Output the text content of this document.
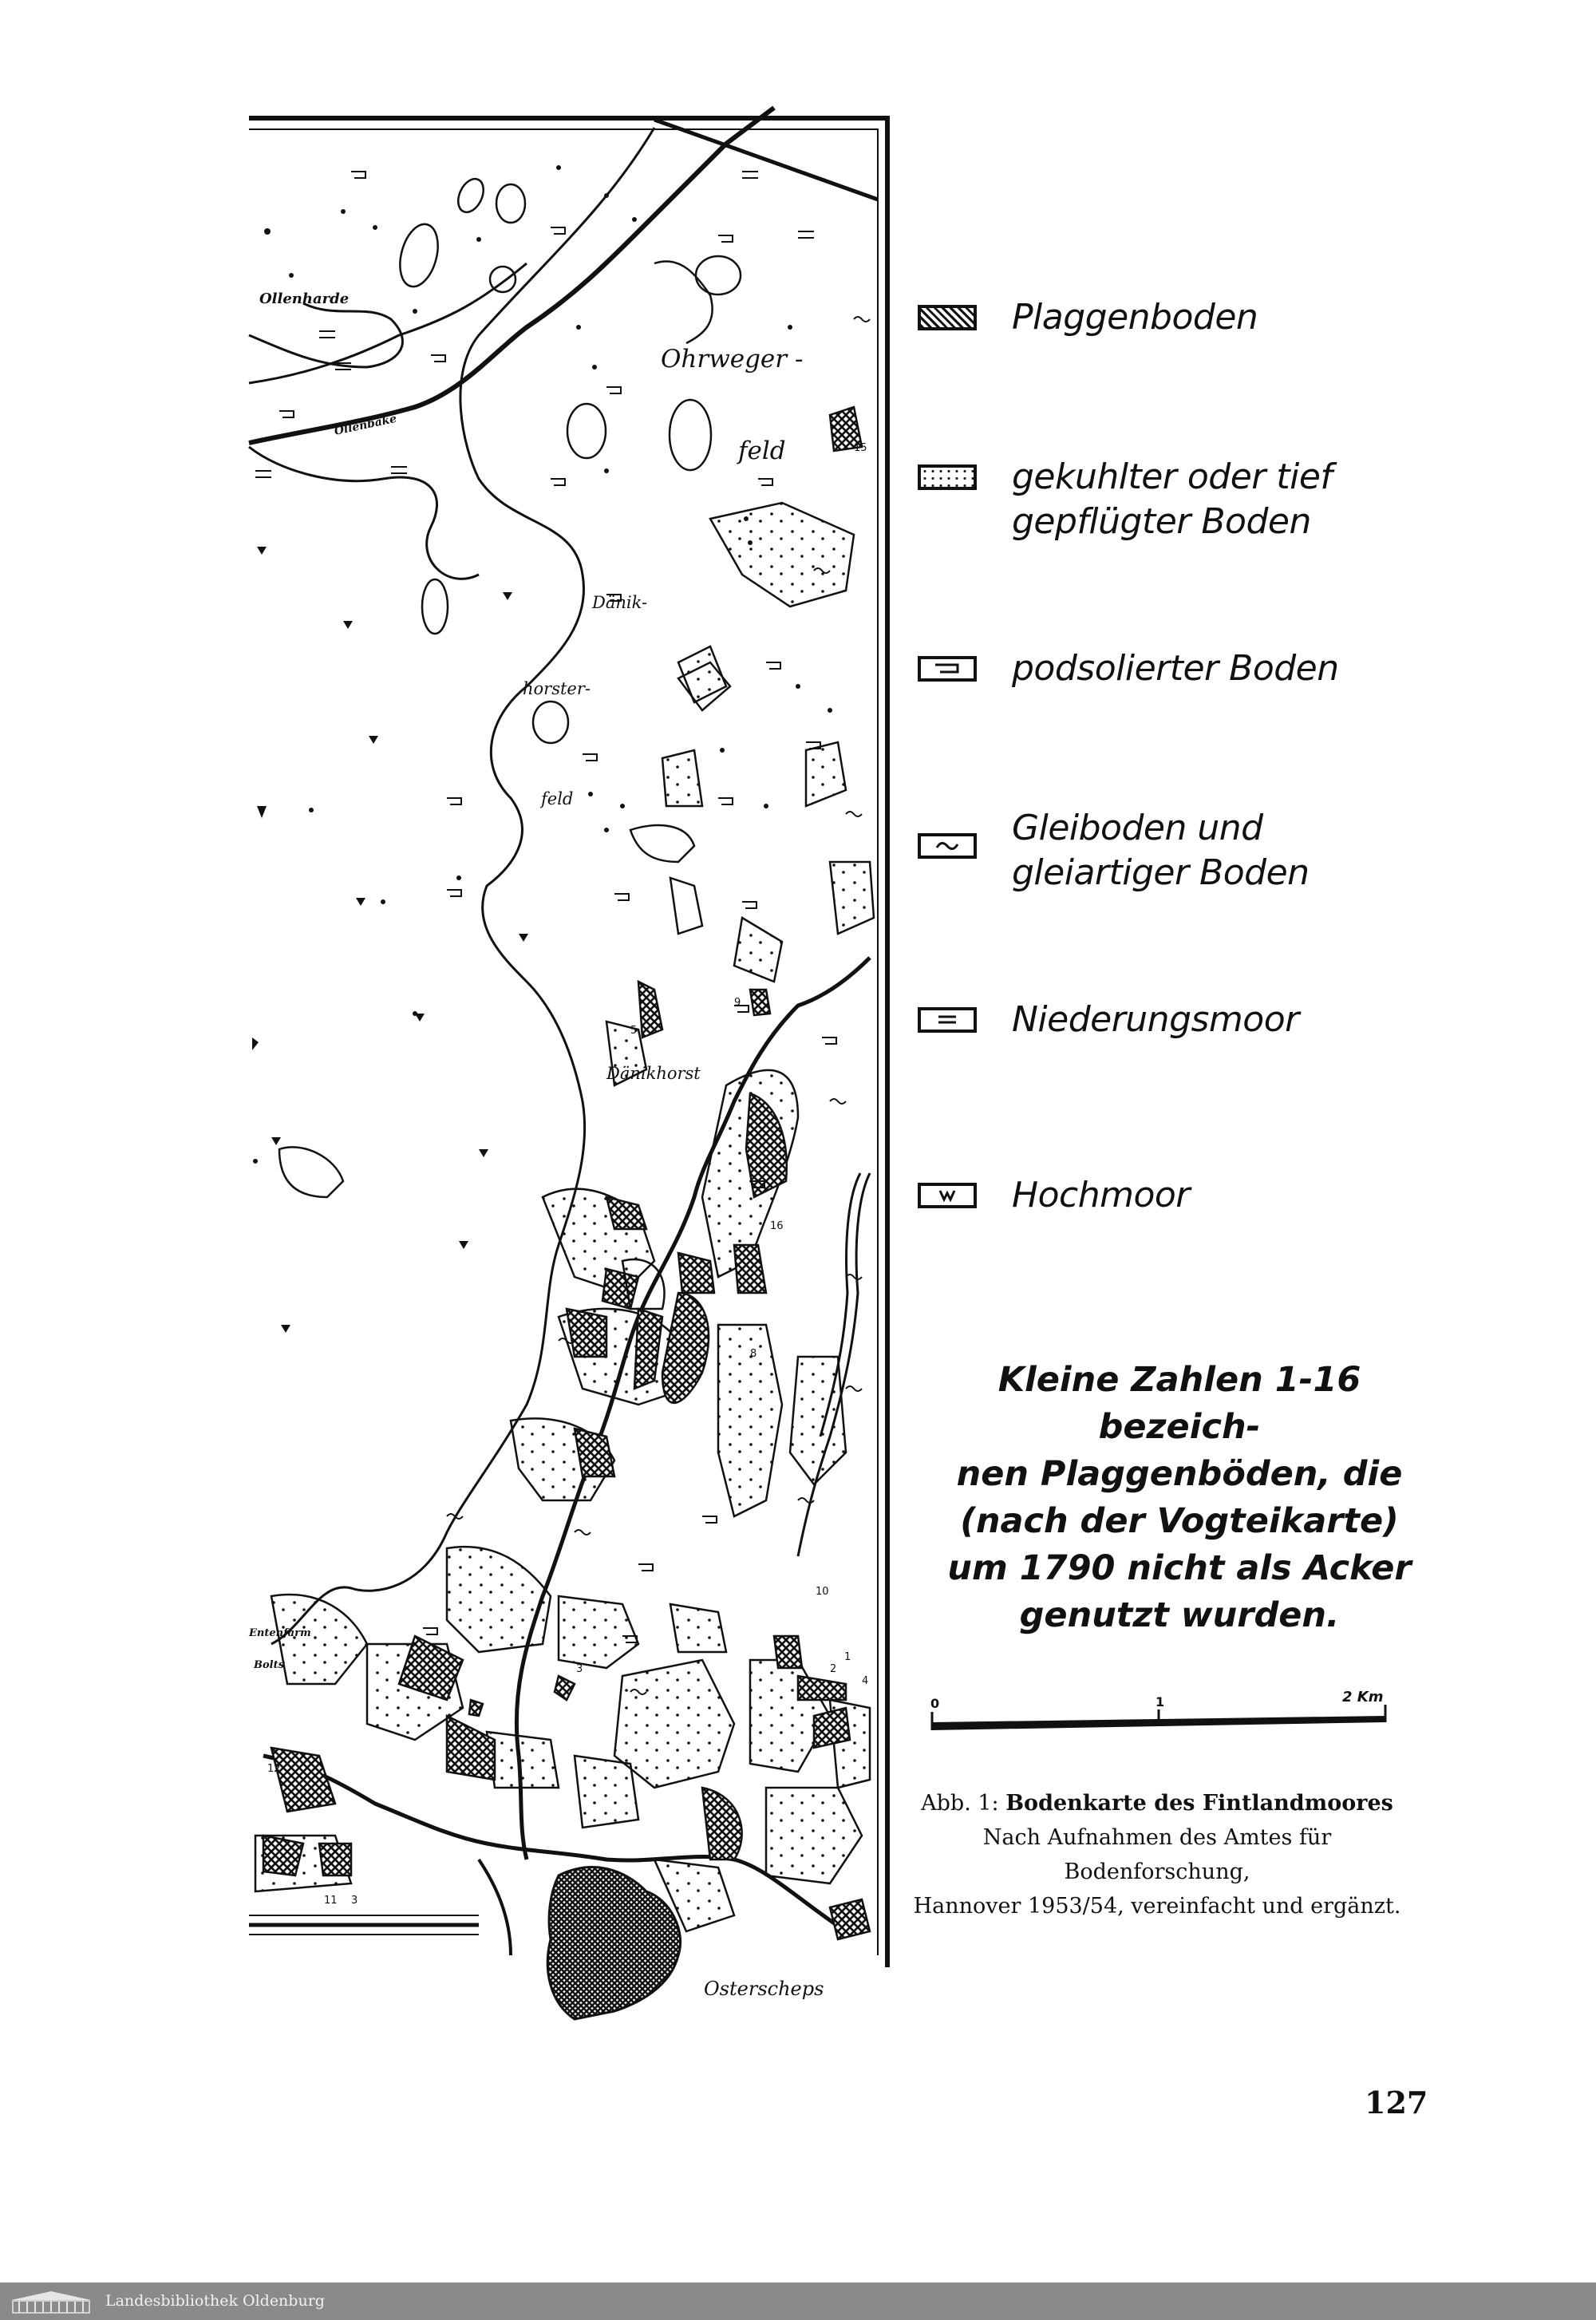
Ollenharde
Ohrweger -
feld
Ollenbäke
Dänik-
horster-
feld
Dänikhorst
Entenfarm
Bolts
Osterscheps
15
9
5
16
8
10
3	2
1
4
12
11 3
0	1	2 Km
Plaggenboden
gekuhlter oder tief
gepflügter Boden
podsolierter Boden
Gleiboden und
gleiartiger Boden
Niederungsmoor
Hochmoor
Kleine Zahlen 1-16 bezeich-
nen Plaggenböden, die
(nach der Vogteikarte)
um 1790 nicht als Acker
genutzt wurden.
Abb. 1: Bodenkarte des Fintlandmoores
Nach Aufnahmen des Amtes für
Bodenforschung,
Hannover 1953/54, vereinfacht und ergänzt.
127
Landesbibliothek Oldenburg
